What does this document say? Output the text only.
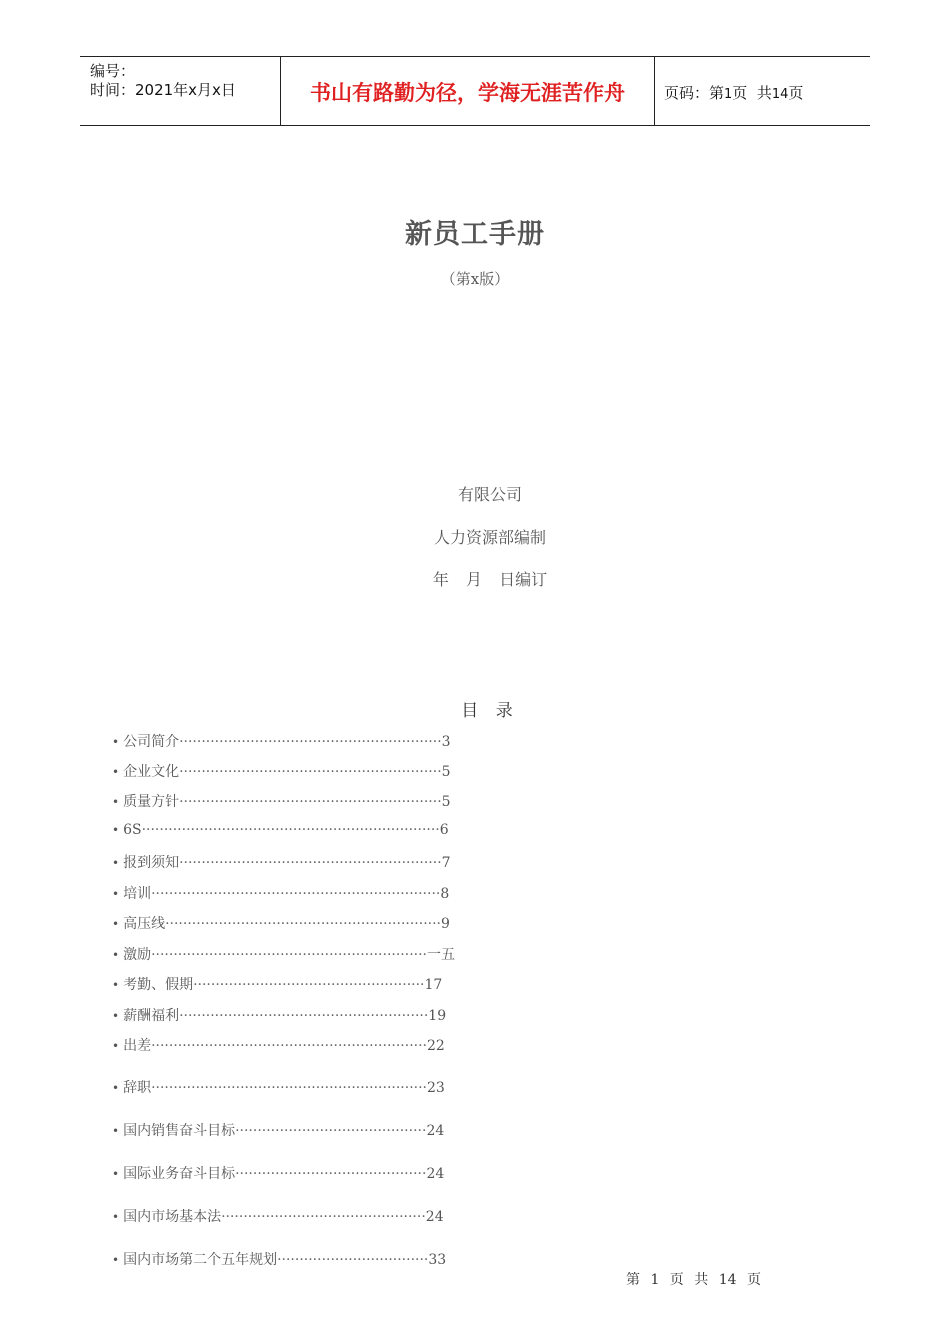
编号：
时间：2021年x月x日	书山有路勤为径，学海无涯苦作舟	页码：第1页  共14页
新员工手册
（第x版）
有限公司
人力资源部编制
年 月 日编订
目 录
• 公司简介···························································3
• 企业文化···························································5
• 质量方针···························································5
• 6S···································································6
• 报到须知···························································7
• 培训·································································8
• 高压线······························································9
• 激励······························································一五
• 考勤、假期····················································17
• 薪酬福利························································19
• 出差······························································22
• 辞职······························································23
• 国内销售奋斗目标···········································24
• 国际业务奋斗目标···········································24
• 国内市场基本法··············································24
• 国内市场第二个五年规划··································33
第 1 页 共 14 页
